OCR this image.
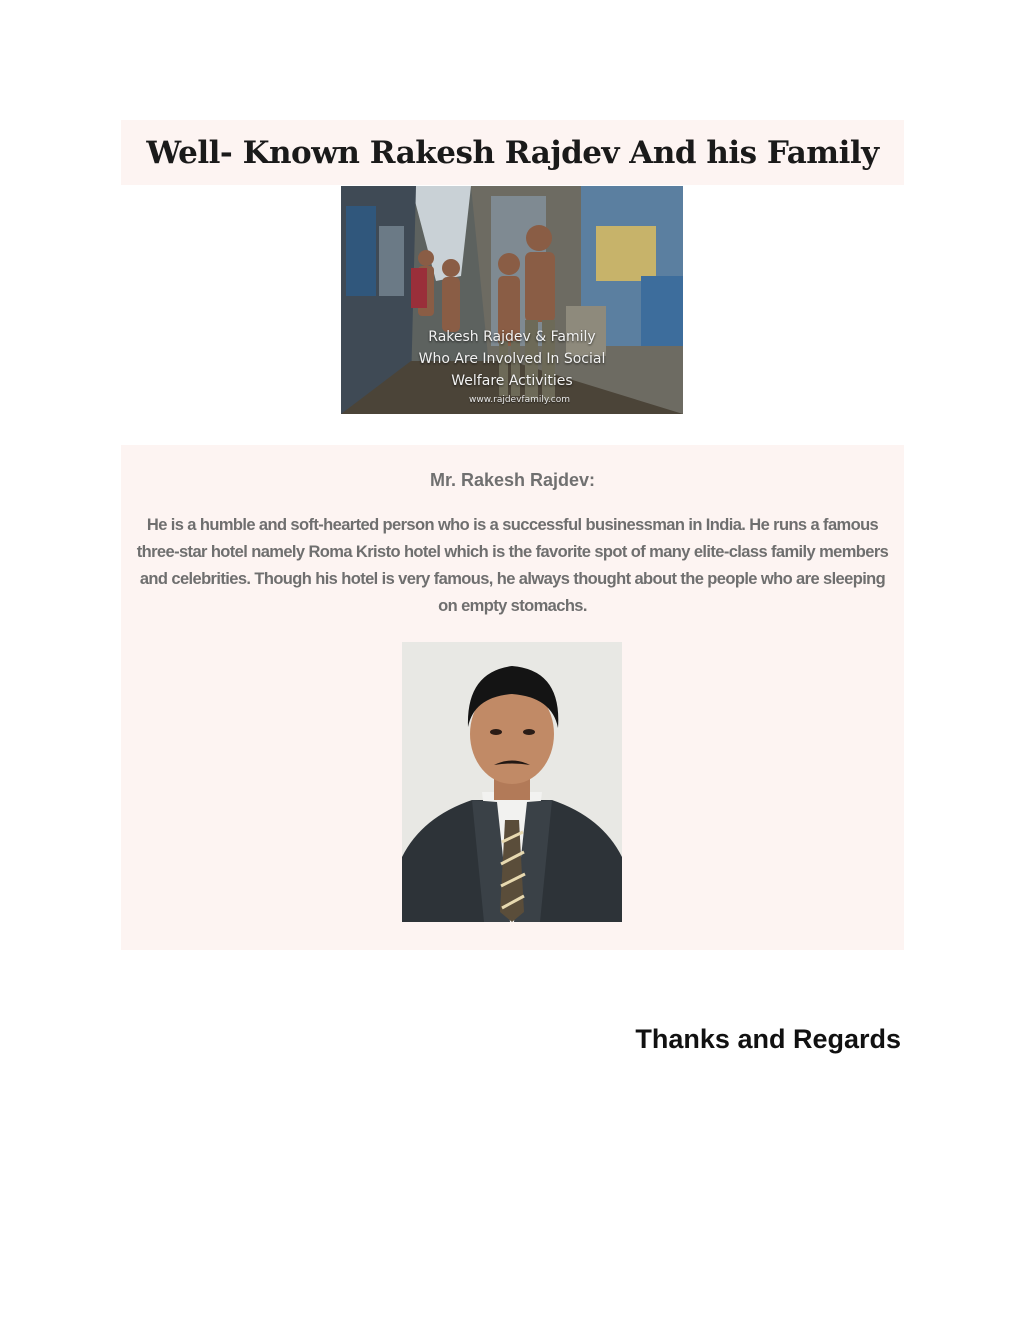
Well- Known Rakesh Rajdev And his Family
Rakesh Rajdev & Family
Who Are Involved In Social
Welfare Activities
www.rajdevfamily.com
Mr. Rakesh Rajdev:

He is a humble and soft-hearted person who is a successful businessman in India. He runs a famous three-star hotel namely Roma Kristo hotel which is the favorite spot of many elite-class family members and celebrities. Though his hotel is very famous, he always thought about the people who are sleeping on empty stomachs.

Thanks and Regards
